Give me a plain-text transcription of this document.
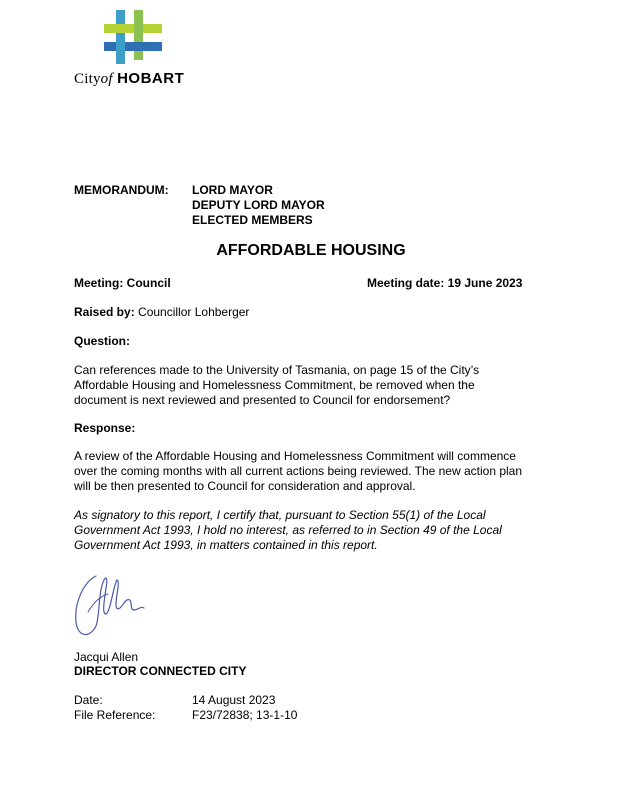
Cityof HOBART
MEMORANDUM: LORD MAYOR
DEPUTY LORD MAYOR
ELECTED MEMBERS
AFFORDABLE HOUSING
Meeting: Council	Meeting date: 19 June 2023
Raised by: Councillor Lohberger
Question:
Can references made to the University of Tasmania, on page 15 of the City’s
Affordable Housing and Homelessness Commitment, be removed when the
document is next reviewed and presented to Council for endorsement?
Response:
A review of the Affordable Housing and Homelessness Commitment will commence
over the coming months with all current actions being reviewed. The new action plan
will be then presented to Council for consideration and approval.
As signatory to this report, I certify that, pursuant to Section 55(1) of the Local
Government Act 1993, I hold no interest, as referred to in Section 49 of the Local
Government Act 1993, in matters contained in this report.
Jacqui Allen
DIRECTOR CONNECTED CITY
Date:	14 August 2023
File Reference:	F23/72838; 13-1-10
